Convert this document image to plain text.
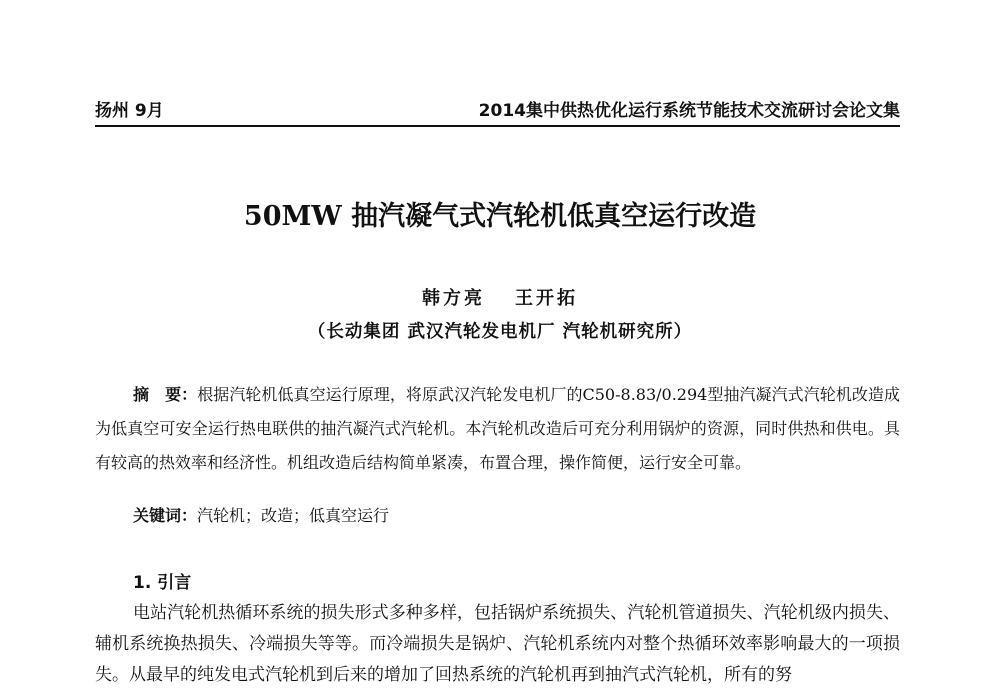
扬州 9月	2014集中供热优化运行系统节能技术交流研讨会论文集
50MW 抽汽凝气式汽轮机低真空运行改造
韩方亮 王开拓
（长动集团 武汉汽轮发电机厂 汽轮机研究所）
摘　要：根据汽轮机低真空运行原理，将原武汉汽轮发电机厂的C50-8.83/0.294型抽汽凝汽式汽轮机改造成为低真空可安全运行热电联供的抽汽凝汽式汽轮机。本汽轮机改造后可充分利用锅炉的资源，同时供热和供电。具有较高的热效率和经济性。机组改造后结构简单紧凑，布置合理，操作简便，运行安全可靠。
关键词：汽轮机；改造；低真空运行
1. 引言
电站汽轮机热循环系统的损失形式多种多样，包括锅炉系统损失、汽轮机管道损失、汽轮机级内损失、辅机系统换热损失、冷端损失等等。而冷端损失是锅炉、汽轮机系统内对整个热循环效率影响最大的一项损失。从最早的纯发电式汽轮机到后来的增加了回热系统的汽轮机再到抽汽式汽轮机，所有的努
